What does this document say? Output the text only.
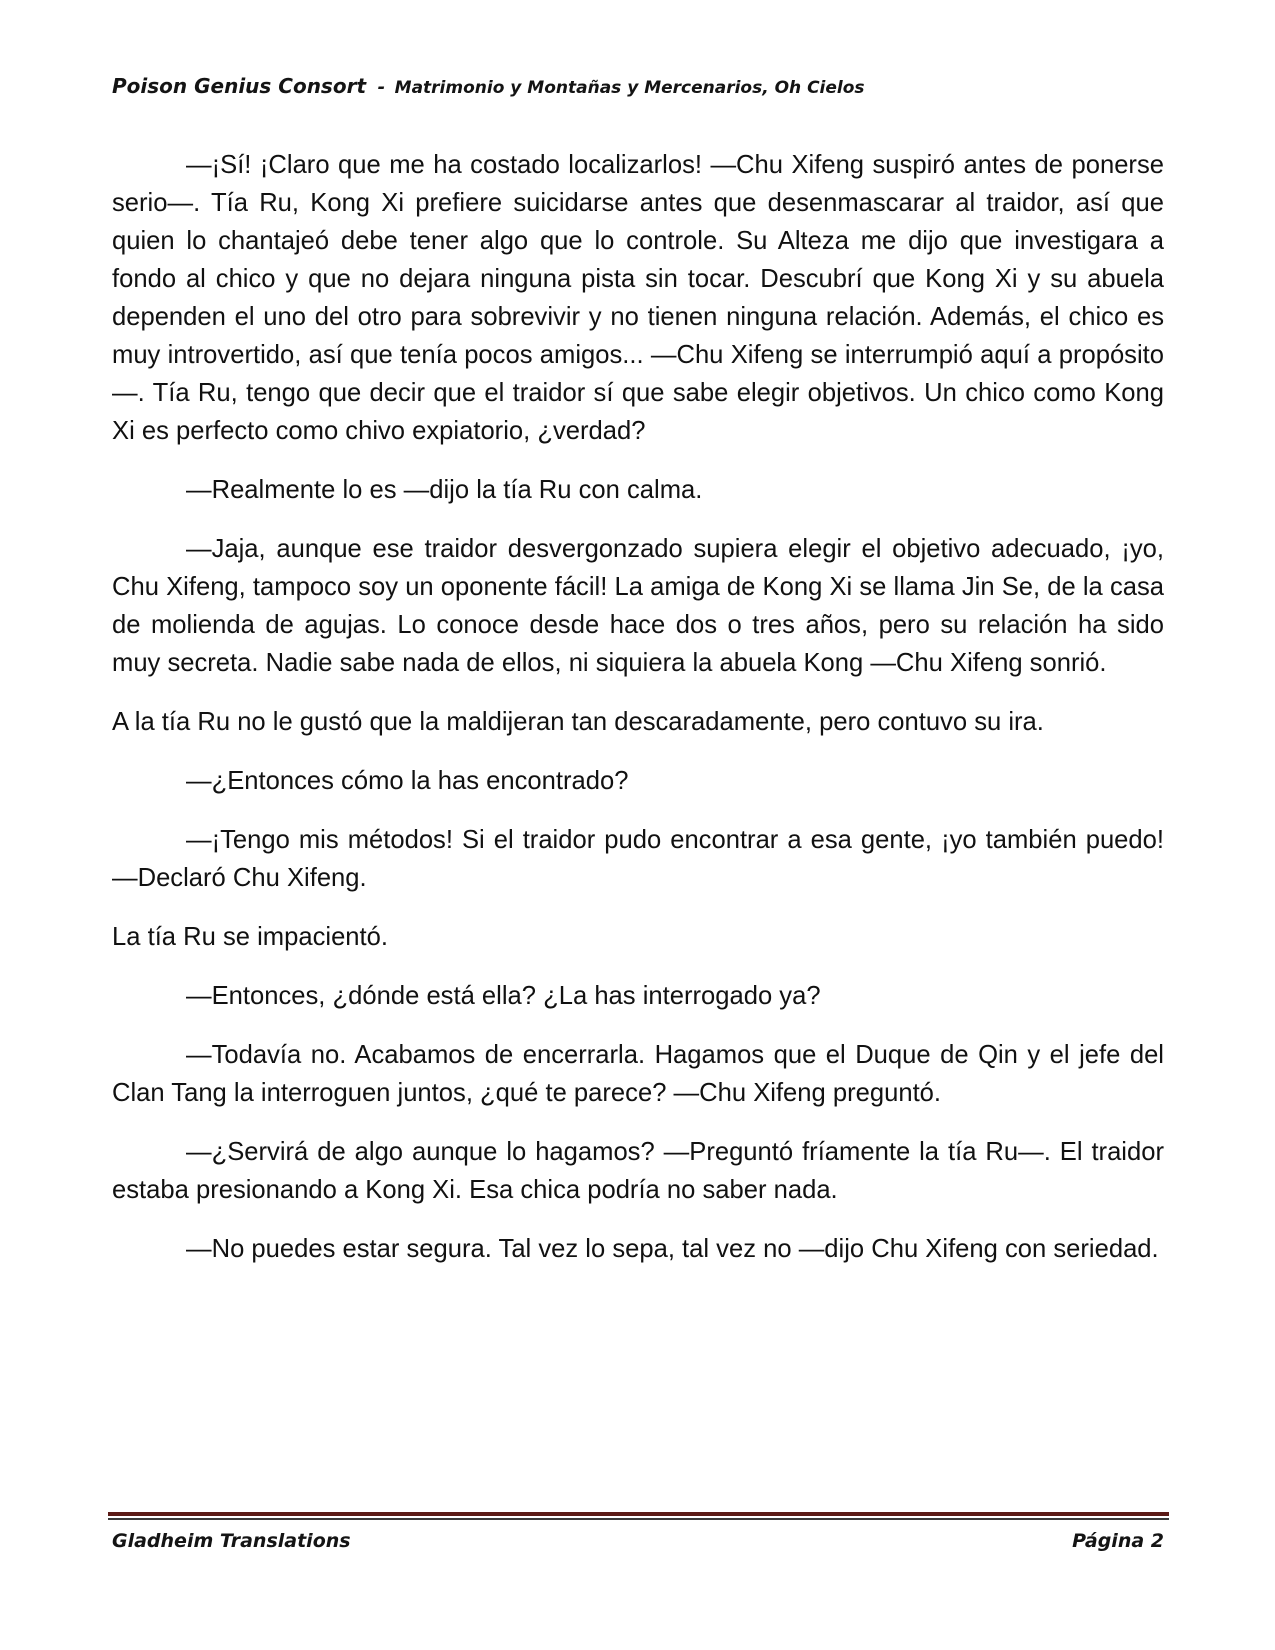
Poison Genius Consort - Matrimonio y Montañas y Mercenarios, Oh Cielos

—¡Sí! ¡Claro que me ha costado localizarlos! —Chu Xifeng suspiró antes de ponerse serio—. Tía Ru, Kong Xi prefiere suicidarse antes que desenmascarar al traidor, así que quien lo chantajeó debe tener algo que lo controle. Su Alteza me dijo que investigara a fondo al chico y que no dejara ninguna pista sin tocar. Descubrí que Kong Xi y su abuela dependen el uno del otro para sobrevivir y no tienen ninguna relación. Además, el chico es muy introvertido, así que tenía pocos amigos... —Chu Xifeng se interrumpió aquí a propósito—. Tía Ru, tengo que decir que el traidor sí que sabe elegir objetivos. Un chico como Kong Xi es perfecto como chivo expiatorio, ¿verdad?

—Realmente lo es —dijo la tía Ru con calma.

—Jaja, aunque ese traidor desvergonzado supiera elegir el objetivo adecuado, ¡yo, Chu Xifeng, tampoco soy un oponente fácil! La amiga de Kong Xi se llama Jin Se, de la casa de molienda de agujas. Lo conoce desde hace dos o tres años, pero su relación ha sido muy secreta. Nadie sabe nada de ellos, ni siquiera la abuela Kong —Chu Xifeng sonrió.

A la tía Ru no le gustó que la maldijeran tan descaradamente, pero contuvo su ira.

—¿Entonces cómo la has encontrado?

—¡Tengo mis métodos! Si el traidor pudo encontrar a esa gente, ¡yo también puedo! —Declaró Chu Xifeng.

La tía Ru se impacientó.

—Entonces, ¿dónde está ella? ¿La has interrogado ya?

—Todavía no. Acabamos de encerrarla. Hagamos que el Duque de Qin y el jefe del Clan Tang la interroguen juntos, ¿qué te parece? —Chu Xifeng preguntó.

—¿Servirá de algo aunque lo hagamos? —Preguntó fríamente la tía Ru—. El traidor estaba presionando a Kong Xi. Esa chica podría no saber nada.

—No puedes estar segura. Tal vez lo sepa, tal vez no —dijo Chu Xifeng con seriedad.

Gladheim Translations	Página 2
